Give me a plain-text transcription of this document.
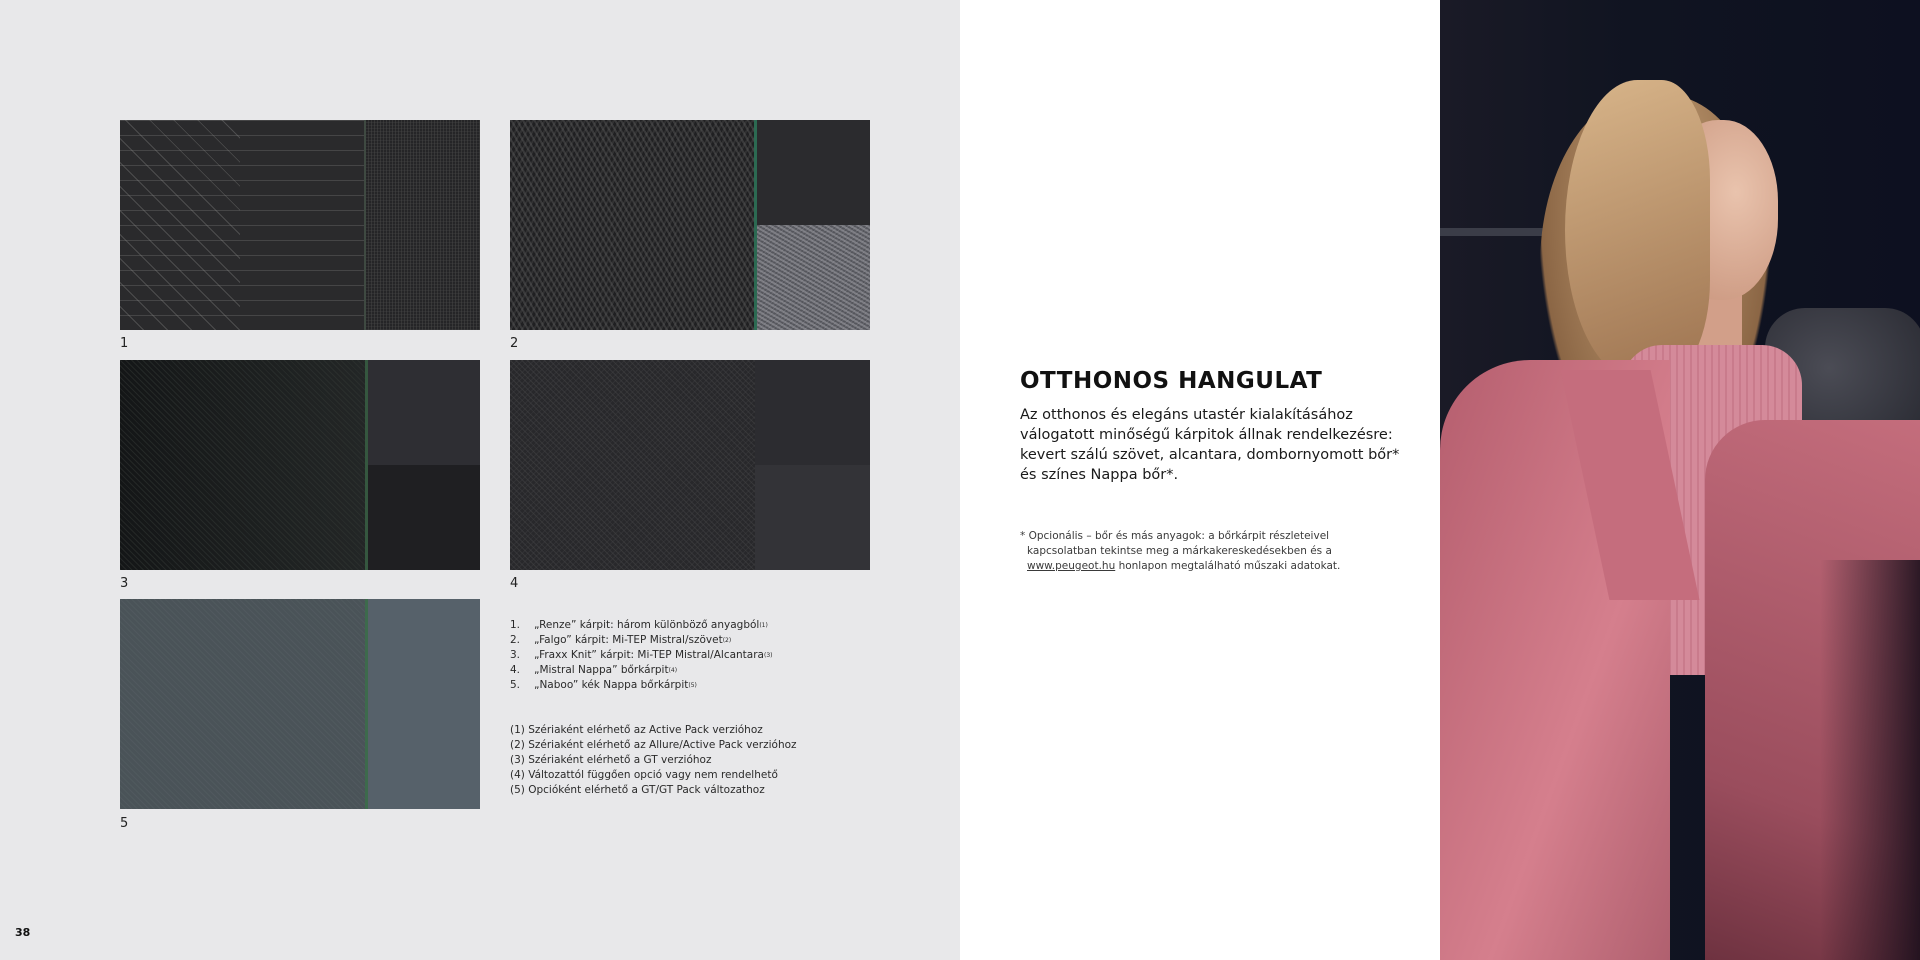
1	2
3	4
5
1.	„Renze” kárpit: három különböző anyagból (1)
2.	„Falgo” kárpit: Mi-TEP Mistral/szövet (2)
3.	„Fraxx Knit” kárpit: Mi-TEP Mistral/Alcantara (3)
4.	„Mistral Nappa” bőrkárpit (4)
5.	„Naboo” kék Nappa bőrkárpit (5)
(1) Szériaként elérhető az Active Pack verzióhoz
(2) Szériaként elérhető az Allure/Active Pack verzióhoz
(3) Szériaként elérhető a GT verzióhoz
(4) Változattól függően opció vagy nem rendelhető
(5) Opcióként elérhető a GT/GT Pack változathoz
38
OTTHONOS HANGULAT

Az otthonos és elegáns utastér kialakításához válogatott minőségű kárpitok állnak rendelkezésre: kevert szálú szövet, alcantara, dombornyomott bőr* és színes Nappa bőr*.

* Opcionális – bőr és más anyagok: a bőrkárpit részleteivel
kapcsolatban tekintse meg a márkakereskedésekben és a
www.peugeot.hu honlapon megtalálható műszaki adatokat.
